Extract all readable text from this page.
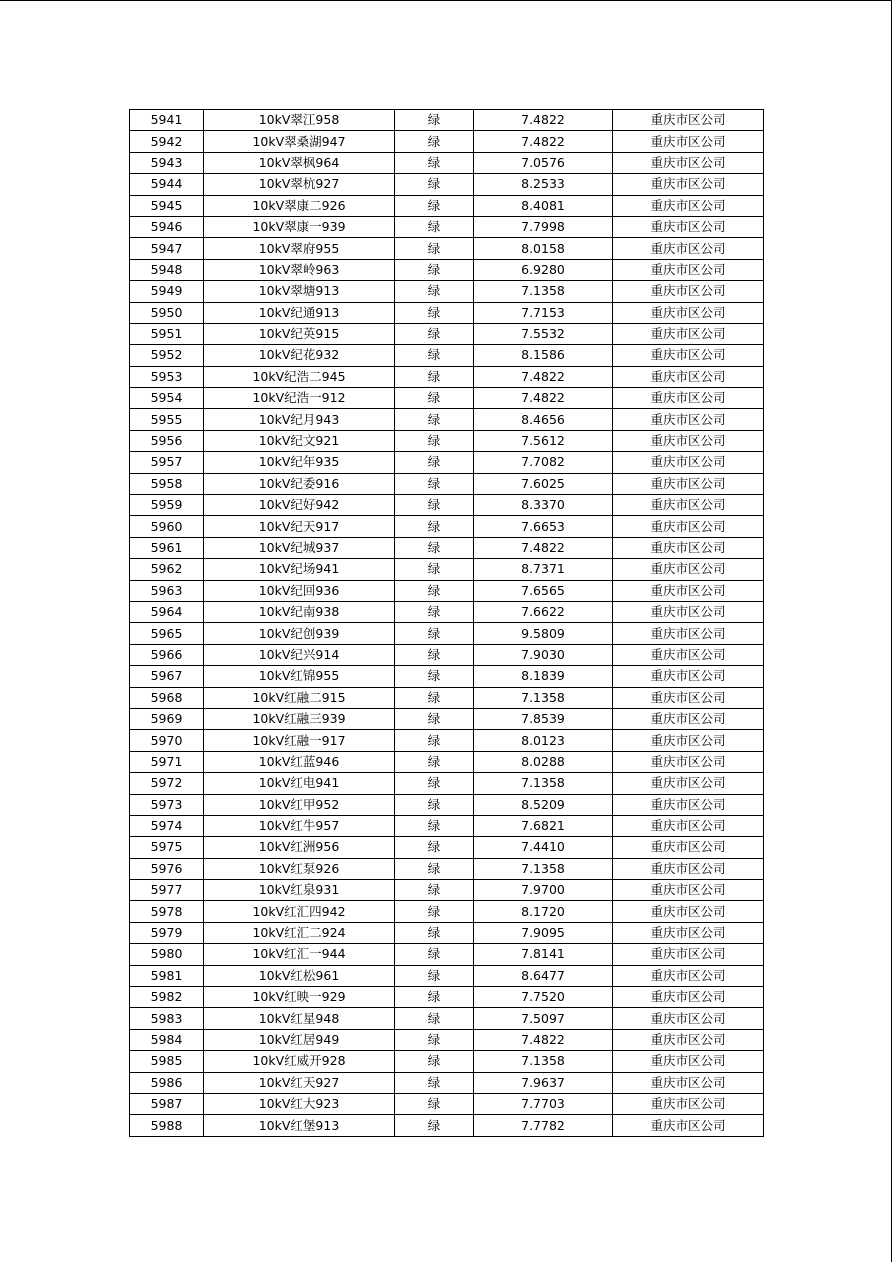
5941	10kV翠江958	绿	7.4822	重庆市区公司
5942	10kV翠桑湖947	绿	7.4822	重庆市区公司
5943	10kV翠枫964	绿	7.0576	重庆市区公司
5944	10kV翠杭927	绿	8.2533	重庆市区公司
5945	10kV翠康二926	绿	8.4081	重庆市区公司
5946	10kV翠康一939	绿	7.7998	重庆市区公司
5947	10kV翠府955	绿	8.0158	重庆市区公司
5948	10kV翠岭963	绿	6.9280	重庆市区公司
5949	10kV翠塘913	绿	7.1358	重庆市区公司
5950	10kV纪通913	绿	7.7153	重庆市区公司
5951	10kV纪英915	绿	7.5532	重庆市区公司
5952	10kV纪花932	绿	8.1586	重庆市区公司
5953	10kV纪浩二945	绿	7.4822	重庆市区公司
5954	10kV纪浩一912	绿	7.4822	重庆市区公司
5955	10kV纪月943	绿	8.4656	重庆市区公司
5956	10kV纪文921	绿	7.5612	重庆市区公司
5957	10kV纪年935	绿	7.7082	重庆市区公司
5958	10kV纪委916	绿	7.6025	重庆市区公司
5959	10kV纪好942	绿	8.3370	重庆市区公司
5960	10kV纪天917	绿	7.6653	重庆市区公司
5961	10kV纪城937	绿	7.4822	重庆市区公司
5962	10kV纪场941	绿	8.7371	重庆市区公司
5963	10kV纪回936	绿	7.6565	重庆市区公司
5964	10kV纪南938	绿	7.6622	重庆市区公司
5965	10kV纪创939	绿	9.5809	重庆市区公司
5966	10kV纪兴914	绿	7.9030	重庆市区公司
5967	10kV红锦955	绿	8.1839	重庆市区公司
5968	10kV红融二915	绿	7.1358	重庆市区公司
5969	10kV红融三939	绿	7.8539	重庆市区公司
5970	10kV红融一917	绿	8.0123	重庆市区公司
5971	10kV红蓝946	绿	8.0288	重庆市区公司
5972	10kV红电941	绿	7.1358	重庆市区公司
5973	10kV红甲952	绿	8.5209	重庆市区公司
5974	10kV红牛957	绿	7.6821	重庆市区公司
5975	10kV红洲956	绿	7.4410	重庆市区公司
5976	10kV红泵926	绿	7.1358	重庆市区公司
5977	10kV红泉931	绿	7.9700	重庆市区公司
5978	10kV红汇四942	绿	8.1720	重庆市区公司
5979	10kV红汇二924	绿	7.9095	重庆市区公司
5980	10kV红汇一944	绿	7.8141	重庆市区公司
5981	10kV红松961	绿	8.6477	重庆市区公司
5982	10kV红映一929	绿	7.7520	重庆市区公司
5983	10kV红星948	绿	7.5097	重庆市区公司
5984	10kV红居949	绿	7.4822	重庆市区公司
5985	10kV红威开928	绿	7.1358	重庆市区公司
5986	10kV红天927	绿	7.9637	重庆市区公司
5987	10kV红大923	绿	7.7703	重庆市区公司
5988	10kV红堡913	绿	7.7782	重庆市区公司
